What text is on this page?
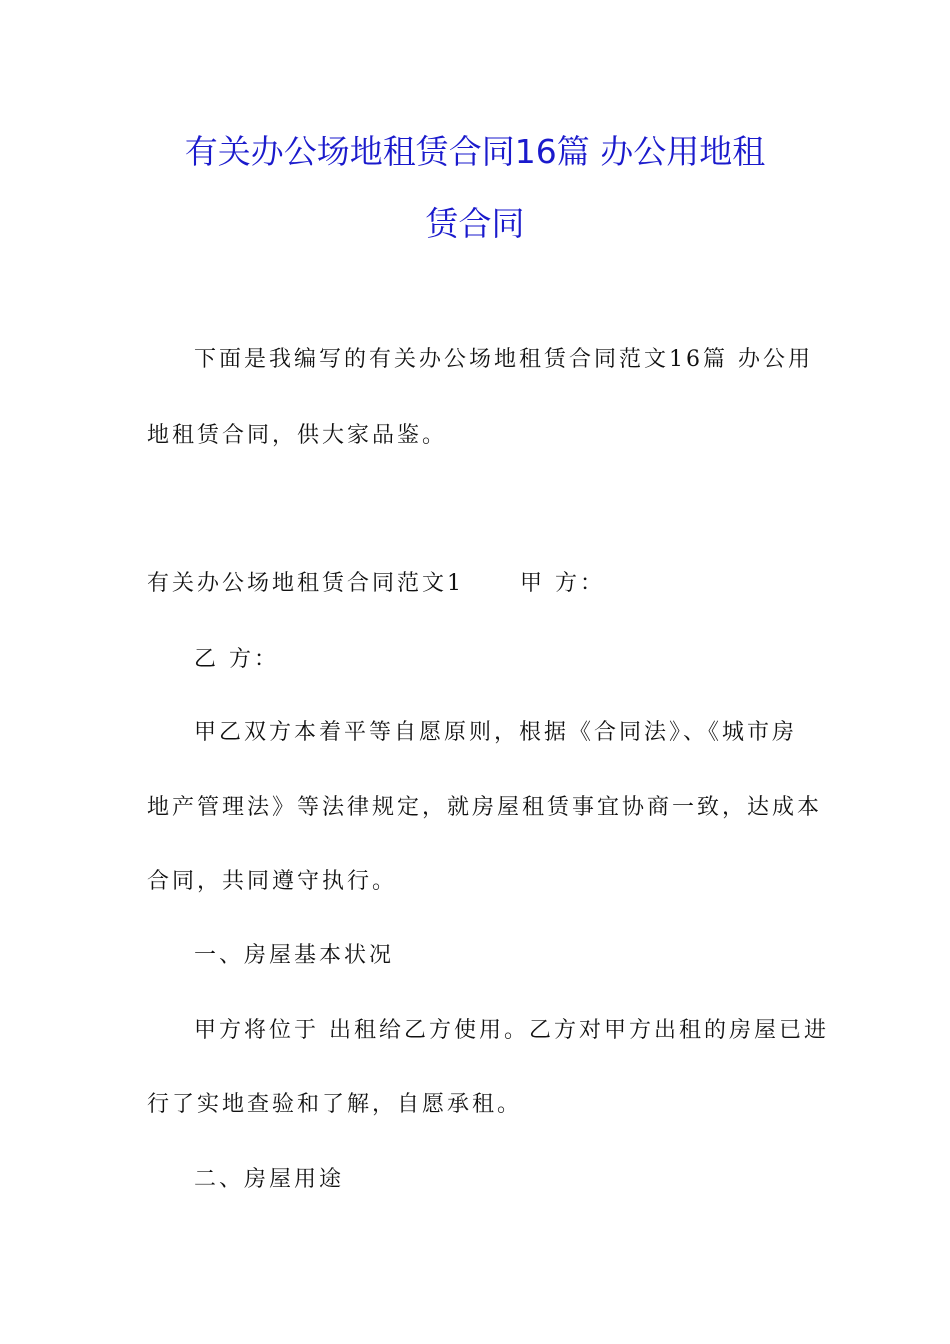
有关办公场地租赁合同16篇 办公用地租
赁合同

下面是我编写的有关办公场地租赁合同范文16篇 办公用

地租赁合同，供大家品鉴。

有关办公场地租赁合同范文1	甲 方：

乙 方：

甲乙双方本着平等自愿原则，根据《合同法》、《城市房

地产管理法》等法律规定，就房屋租赁事宜协商一致，达成本

合同，共同遵守执行。

一、房屋基本状况

甲方将位于 出租给乙方使用。乙方对甲方出租的房屋已进

行了实地查验和了解，自愿承租。

二、房屋用途
